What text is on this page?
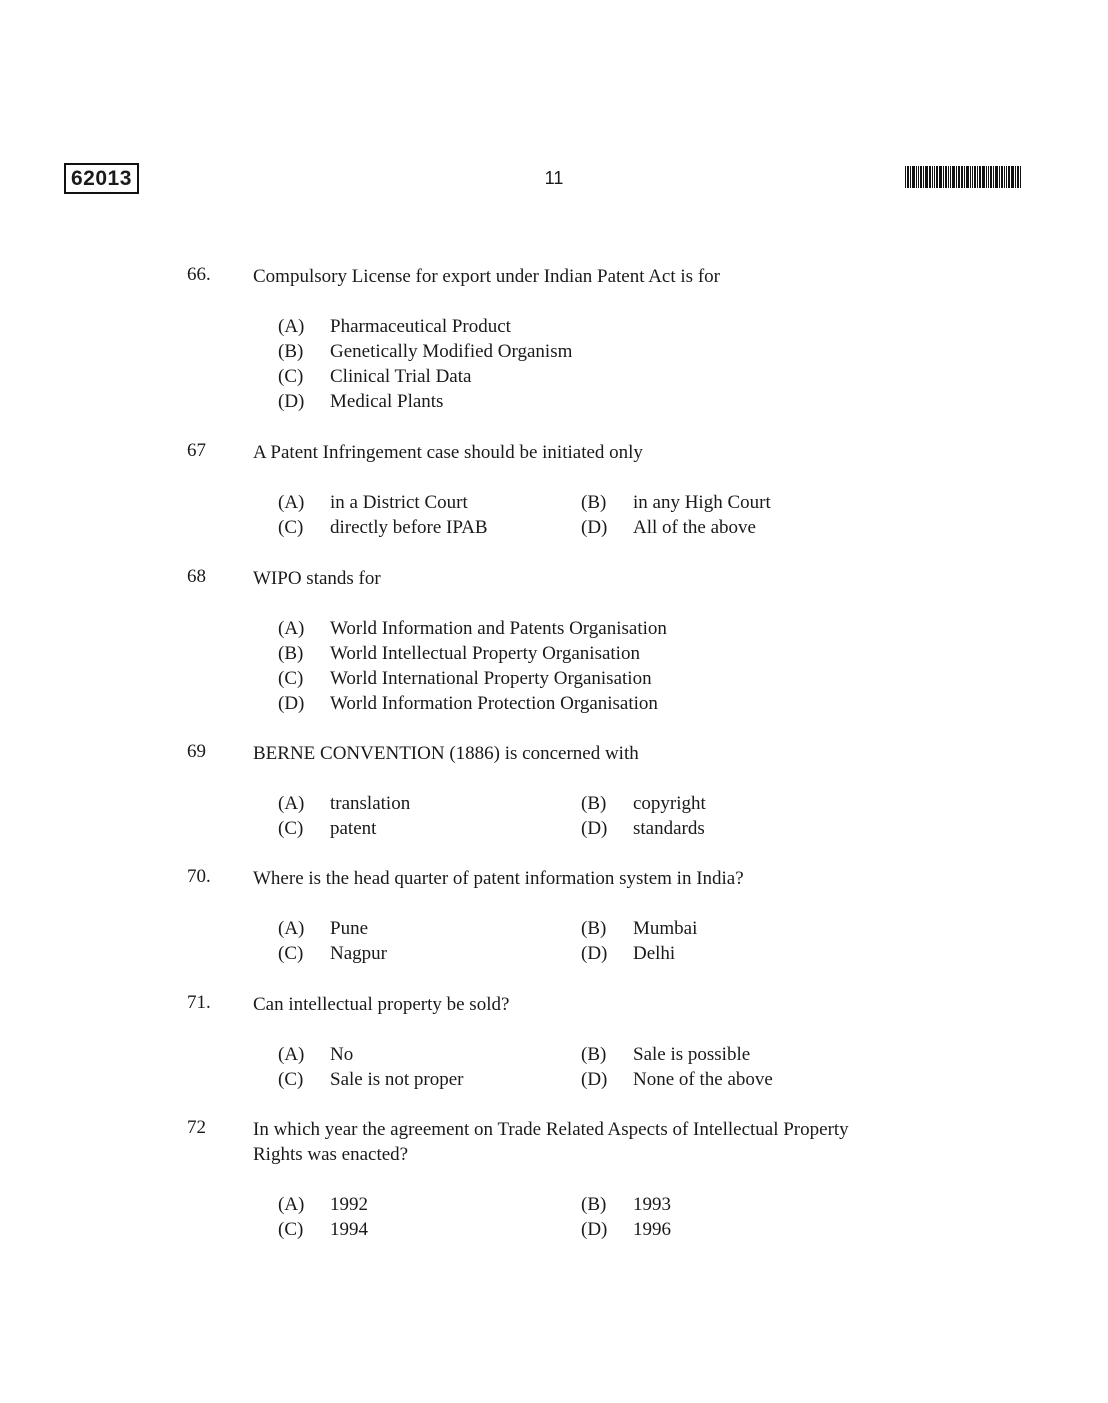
62013	11
66. Compulsory License for export under Indian Patent Act is for
(A) Pharmaceutical Product
(B) Genetically Modified Organism
(C) Clinical Trial Data
(D) Medical Plants
67 A Patent Infringement case should be initiated only
(A) in a District Court	(B) in any High Court
(C) directly before IPAB	(D) All of the above
68 WIPO stands for
(A) World Information and Patents Organisation
(B) World Intellectual Property Organisation
(C) World International Property Organisation
(D) World Information Protection Organisation
69 BERNE CONVENTION (1886) is concerned with
(A) translation	(B) copyright
(C) patent	(D) standards
70. Where is the head quarter of patent information system in India?
(A) Pune	(B) Mumbai
(C) Nagpur	(D) Delhi
71. Can intellectual property be sold?
(A) No	(B) Sale is possible
(C) Sale is not proper	(D) None of the above
72 In which year the agreement on Trade Related Aspects of Intellectual Property Rights was enacted?
(A) 1992	(B) 1993
(C) 1994	(D) 1996
